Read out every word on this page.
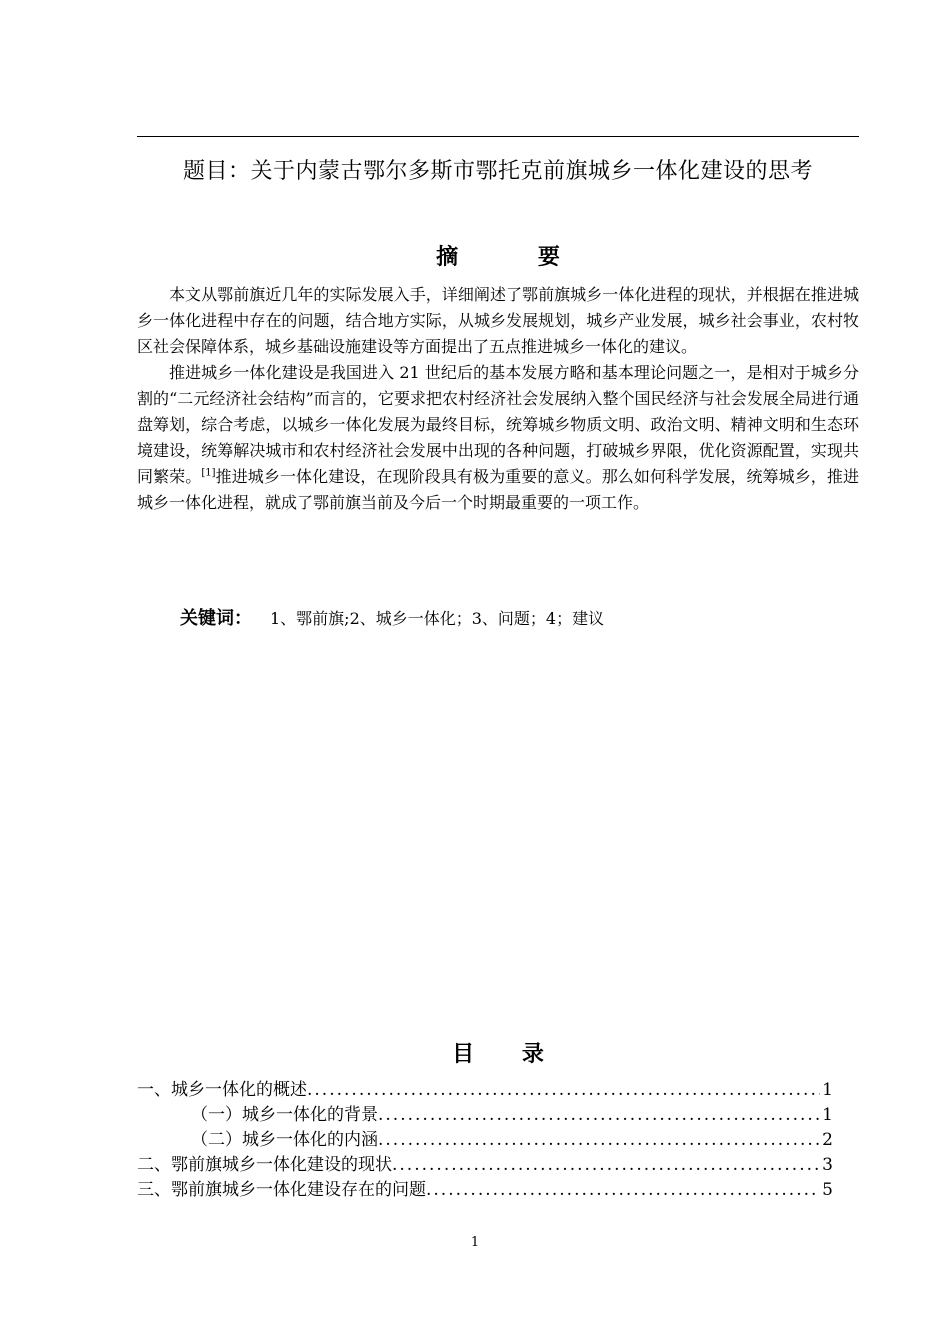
题目：关于内蒙古鄂尔多斯市鄂托克前旗城乡一体化建设的思考
摘 要

本文从鄂前旗近几年的实际发展入手，详细阐述了鄂前旗城乡一体化进程的现状，并根据在推进城乡一体化进程中存在的问题，结合地方实际，从城乡发展规划，城乡产业发展，城乡社会事业，农村牧区社会保障体系，城乡基础设施建设等方面提出了五点推进城乡一体化的建议。

推进城乡一体化建设是我国进入 21 世纪后的基本发展方略和基本理论问题之一，是相对于城乡分割的“二元经济社会结构”而言的，它要求把农村经济社会发展纳入整个国民经济与社会发展全局进行通盘筹划，综合考虑，以城乡一体化发展为最终目标，统筹城乡物质文明、政治文明、精神文明和生态环境建设，统筹解决城市和农村经济社会发展中出现的各种问题，打破城乡界限，优化资源配置，实现共同繁荣。[1]推进城乡一体化建设，在现阶段具有极为重要的意义。那么如何科学发展，统筹城乡，推进城乡一体化进程，就成了鄂前旗当前及今后一个时期最重要的一项工作。

关键词： 1、鄂前旗;2、城乡一体化；3、问题；4；建议
目 录
一、城乡一体化的概述 .....	1
（一）城乡一体化的背景 .....	1
（二）城乡一体化的内涵 .....	2
二、鄂前旗城乡一体化建设的现状 .....	3
三、鄂前旗城乡一体化建设存在的问题 .....	5
1
